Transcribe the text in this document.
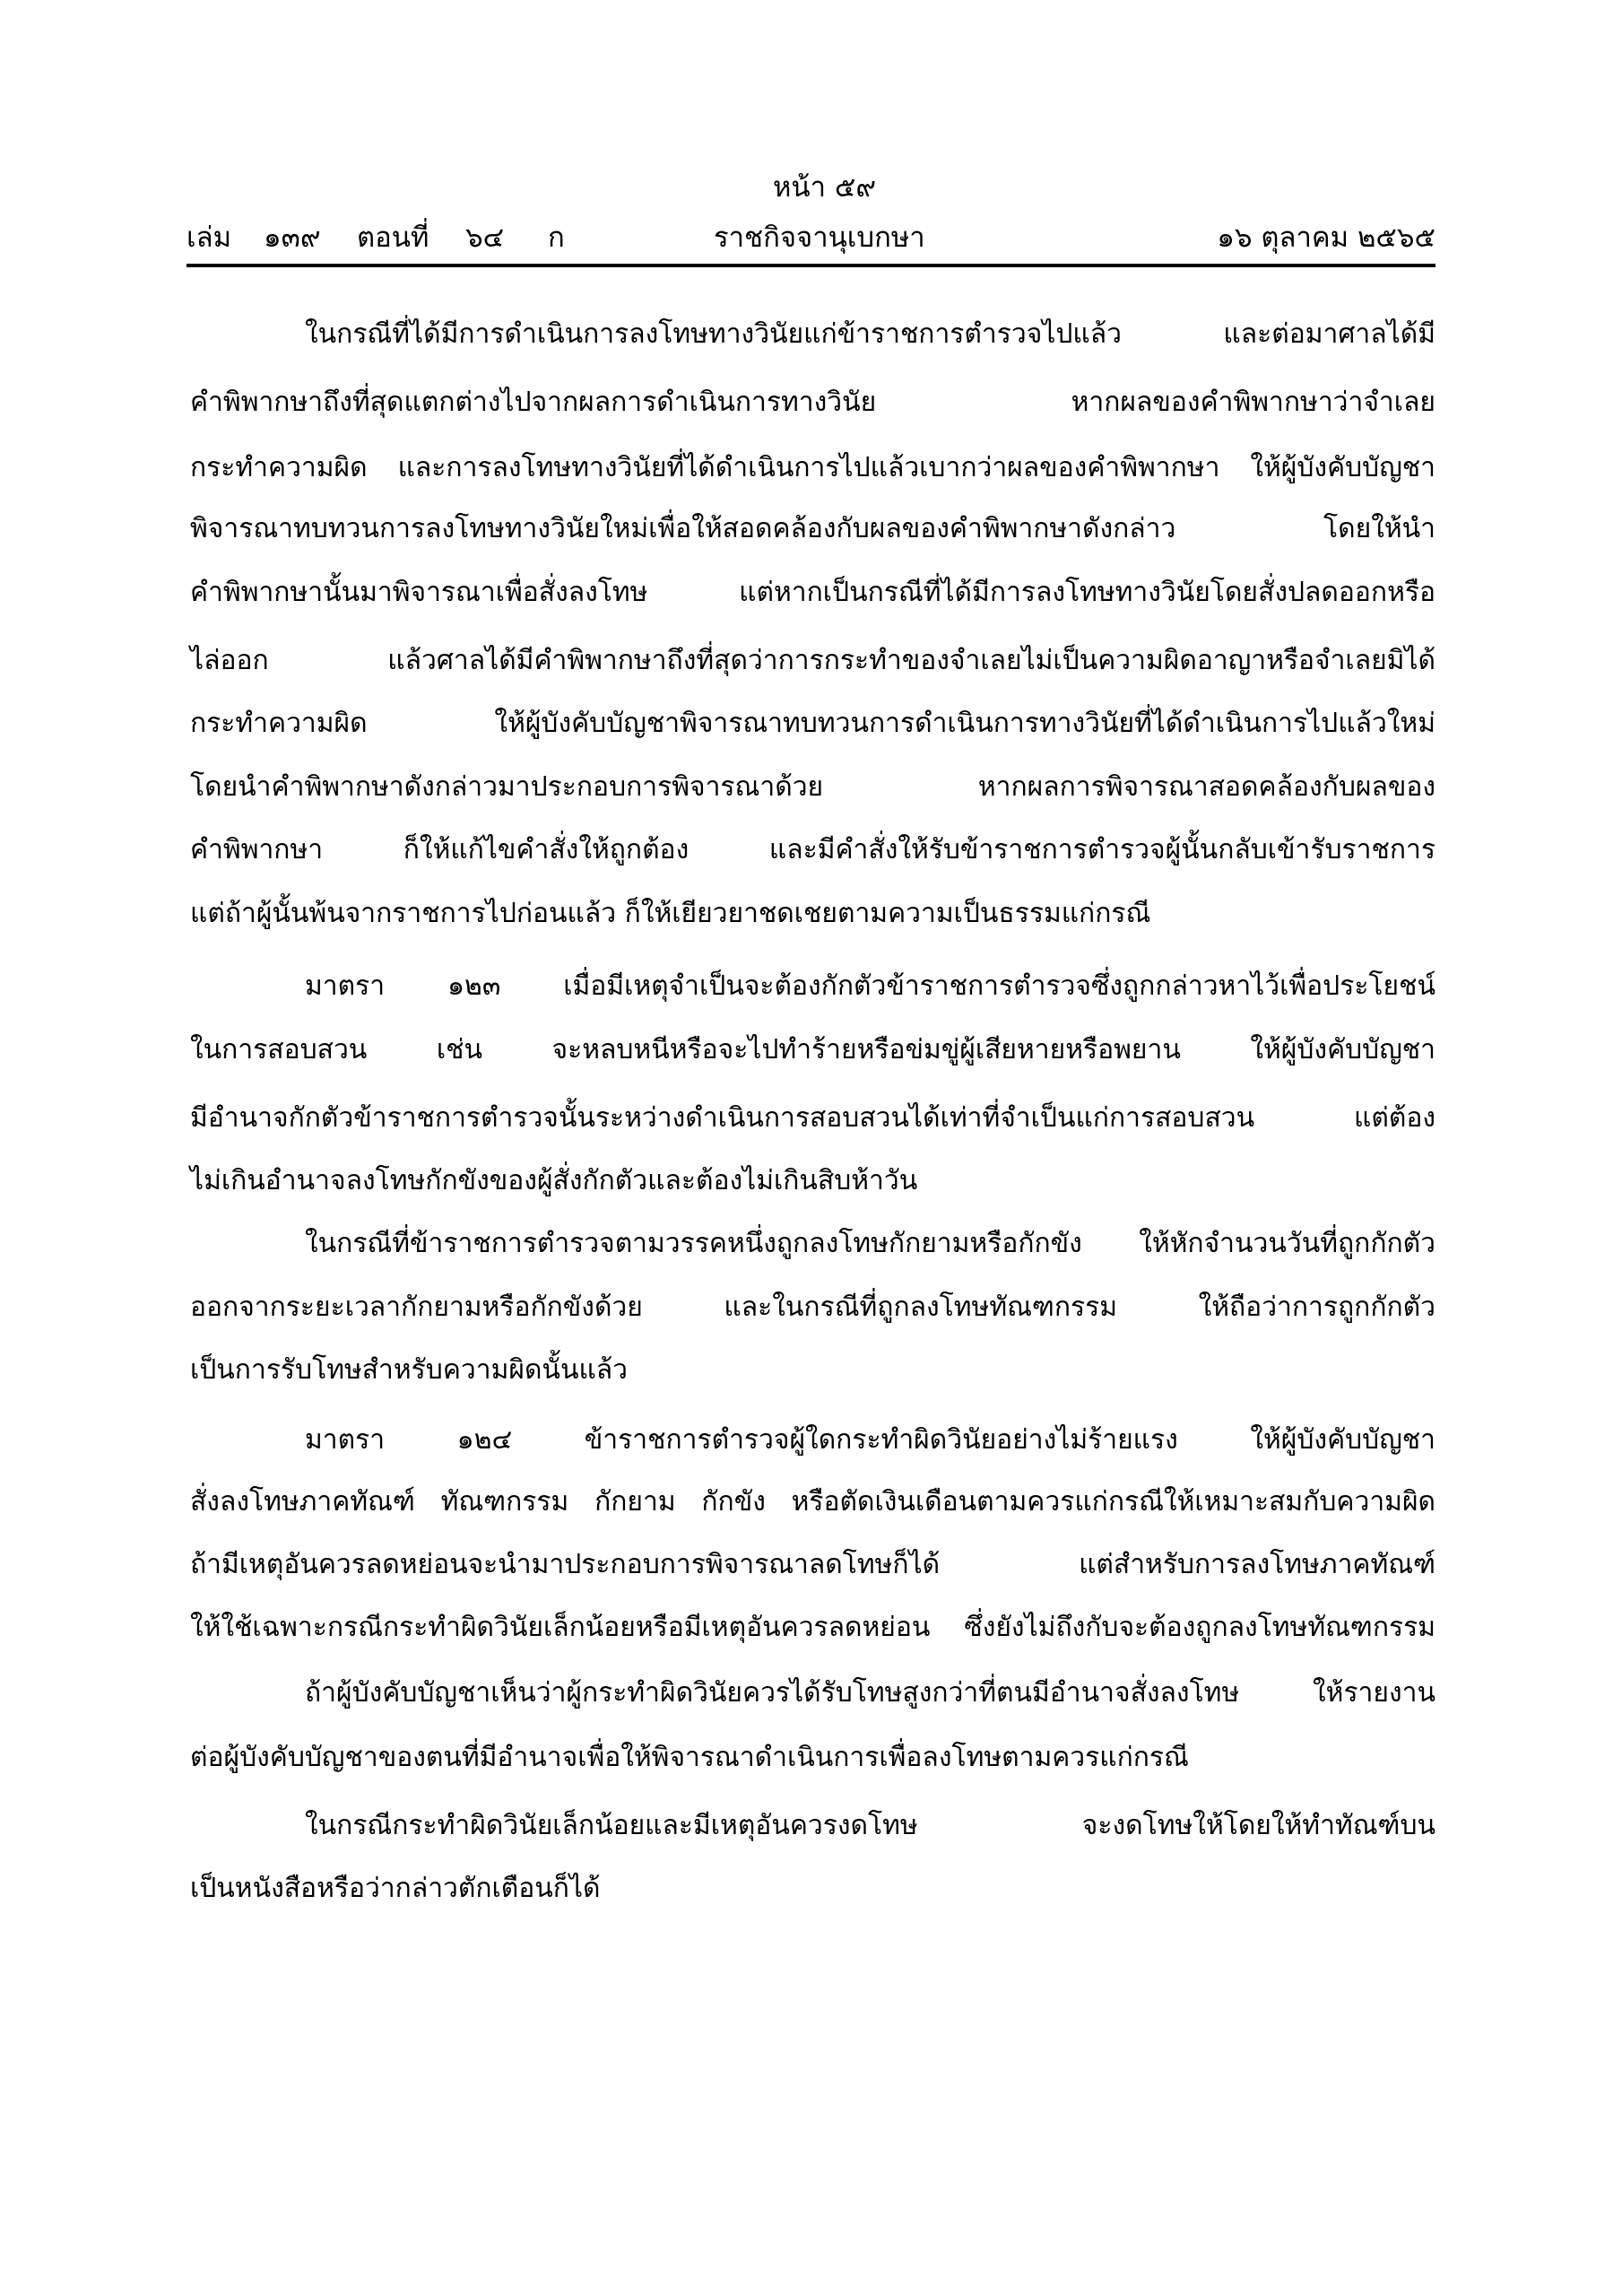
หน้า ๕๙
เล่ม ๑๓๙ ตอนที่ ๖๔ ก	ราชกิจจานุเบกษา	๑๖ ตุลาคม ๒๕๖๕
ในกรณีที่ได้มีการดำเนินการลงโทษทางวินัยแก่ข้าราชการตำรวจไปแล้ว และต่อมาศาลได้มี
คำพิพากษาถึงที่สุดแตกต่างไปจากผลการดำเนินการทางวินัย หากผลของคำพิพากษาว่าจำเลย
กระทำความผิด และการลงโทษทางวินัยที่ได้ดำเนินการไปแล้วเบากว่าผลของคำพิพากษา ให้ผู้บังคับบัญชา
พิจารณาทบทวนการลงโทษทางวินัยใหม่เพื่อให้สอดคล้องกับผลของคำพิพากษาดังกล่าว โดยให้นำ
คำพิพากษานั้นมาพิจารณาเพื่อสั่งลงโทษ แต่หากเป็นกรณีที่ได้มีการลงโทษทางวินัยโดยสั่งปลดออกหรือ
ไล่ออก แล้วศาลได้มีคำพิพากษาถึงที่สุดว่าการกระทำของจำเลยไม่เป็นความผิดอาญาหรือจำเลยมิได้
กระทำความผิด ให้ผู้บังคับบัญชาพิจารณาทบทวนการดำเนินการทางวินัยที่ได้ดำเนินการไปแล้วใหม่
โดยนำคำพิพากษาดังกล่าวมาประกอบการพิจารณาด้วย หากผลการพิจารณาสอดคล้องกับผลของ
คำพิพากษา ก็ให้แก้ไขคำสั่งให้ถูกต้อง และมีคำสั่งให้รับข้าราชการตำรวจผู้นั้นกลับเข้ารับราชการ
แต่ถ้าผู้นั้นพ้นจากราชการไปก่อนแล้ว ก็ให้เยียวยาชดเชยตามความเป็นธรรมแก่กรณี
มาตรา ๑๒๓ เมื่อมีเหตุจำเป็นจะต้องกักตัวข้าราชการตำรวจซึ่งถูกกล่าวหาไว้เพื่อประโยชน์
ในการสอบสวน เช่น จะหลบหนีหรือจะไปทำร้ายหรือข่มขู่ผู้เสียหายหรือพยาน ให้ผู้บังคับบัญชา
มีอำนาจกักตัวข้าราชการตำรวจนั้นระหว่างดำเนินการสอบสวนได้เท่าที่จำเป็นแก่การสอบสวน แต่ต้อง
ไม่เกินอำนาจลงโทษกักขังของผู้สั่งกักตัวและต้องไม่เกินสิบห้าวัน
ในกรณีที่ข้าราชการตำรวจตามวรรคหนึ่งถูกลงโทษกักยามหรือกักขัง ให้หักจำนวนวันที่ถูกกักตัว
ออกจากระยะเวลากักยามหรือกักขังด้วย และในกรณีที่ถูกลงโทษทัณฑกรรม ให้ถือว่าการถูกกักตัว
เป็นการรับโทษสำหรับความผิดนั้นแล้ว
มาตรา ๑๒๔ ข้าราชการตำรวจผู้ใดกระทำผิดวินัยอย่างไม่ร้ายแรง ให้ผู้บังคับบัญชา
สั่งลงโทษภาคทัณฑ์ ทัณฑกรรม กักยาม กักขัง หรือตัดเงินเดือนตามควรแก่กรณีให้เหมาะสมกับความผิด
ถ้ามีเหตุอันควรลดหย่อนจะนำมาประกอบการพิจารณาลดโทษก็ได้ แต่สำหรับการลงโทษภาคทัณฑ์
ให้ใช้เฉพาะกรณีกระทำผิดวินัยเล็กน้อยหรือมีเหตุอันควรลดหย่อน ซึ่งยังไม่ถึงกับจะต้องถูกลงโทษทัณฑกรรม
ถ้าผู้บังคับบัญชาเห็นว่าผู้กระทำผิดวินัยควรได้รับโทษสูงกว่าที่ตนมีอำนาจสั่งลงโทษ ให้รายงาน
ต่อผู้บังคับบัญชาของตนที่มีอำนาจเพื่อให้พิจารณาดำเนินการเพื่อลงโทษตามควรแก่กรณี
ในกรณีกระทำผิดวินัยเล็กน้อยและมีเหตุอันควรงดโทษ จะงดโทษให้โดยให้ทำทัณฑ์บน
เป็นหนังสือหรือว่ากล่าวตักเตือนก็ได้
